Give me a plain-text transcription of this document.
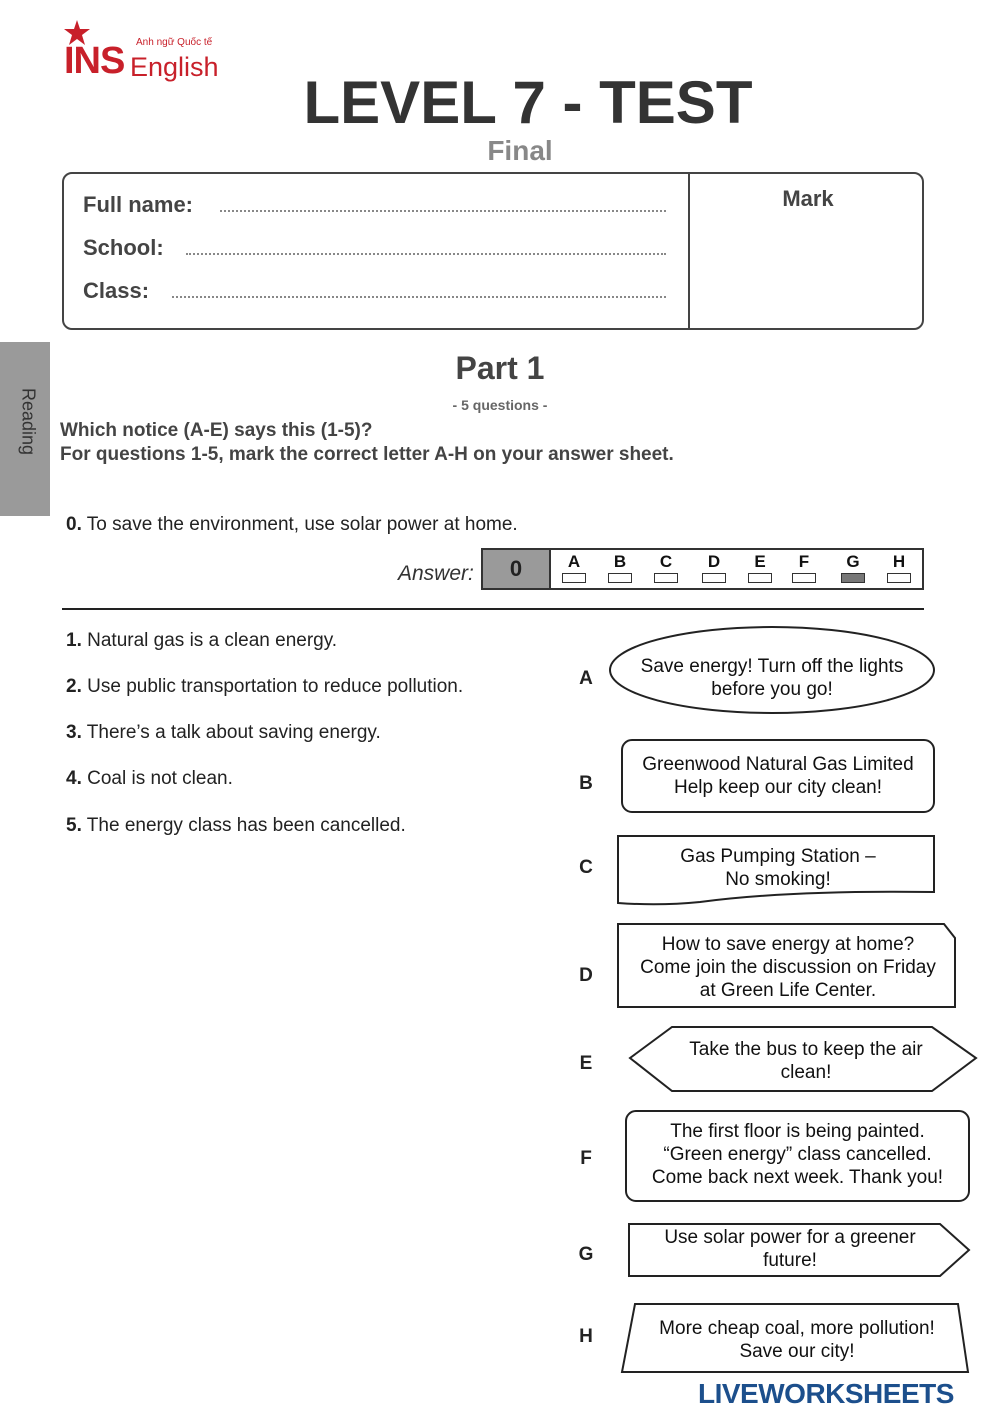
Anh ngữ Quốc tế
INS English
LEVEL 7 - TEST
Final
Full name:
School:
Class:
Mark
Reading
Part 1
- 5 questions -
Which notice (A-E) says this (1-5)?
For questions 1-5, mark the correct letter A-H on your answer sheet.
0. To save the environment, use solar power at home.
Answer:	0	A	B	C	D	E	F	G	H
1. Natural gas is a clean energy.
2. Use public transportation to reduce pollution.
3. There’s a talk about saving energy.
4. Coal is not clean.
5. The energy class has been cancelled.
A
Save energy! Turn off the lights
before you go!
B
Greenwood Natural Gas Limited
Help keep our city clean!
C
Gas Pumping Station –
No smoking!
D
How to save energy at home?
Come join the discussion on Friday
at Green Life Center.
E
Take the bus to keep the air
clean!
F
The first floor is being painted.
“Green energy” class cancelled.
Come back next week. Thank you!
G
Use solar power for a greener
future!
H	More cheap coal, more pollution!
Save our city!
LIVEWORKSHEETS
